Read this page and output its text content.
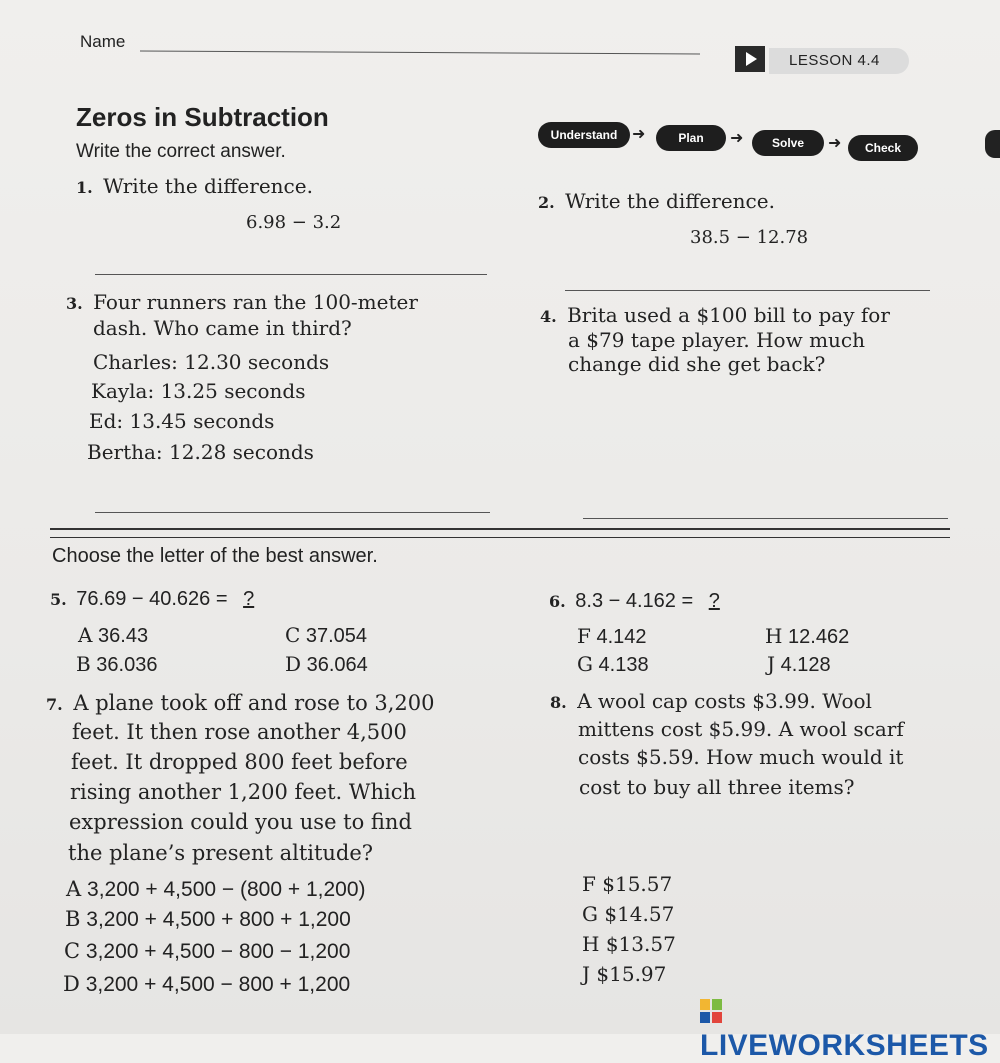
Name
LESSON 4.4
Zeros in Subtraction
Write the correct answer.
Understand ➜	Plan	➜	Solve	➜	Check
1. Write the difference.
6.98 − 3.2
2. Write the difference.
38.5 − 12.78
3. Four runners ran the 100-meter
dash. Who came in third?
Charles: 12.30 seconds
Kayla: 13.25 seconds
Ed: 13.45 seconds
Bertha: 12.28 seconds
4. Brita used a $100 bill to pay for
a $79 tape player. How much
change did she get back?
Choose the letter of the best answer.
5. 76.69 − 40.626 = ?
A 36.43	C 37.054
B 36.036	D 36.064
6. 8.3 − 4.162 = ?
F 4.142	H 12.462
G 4.138	J 4.128
7. A plane took off and rose to 3,200
feet. It then rose another 4,500
feet. It dropped 800 feet before
rising another 1,200 feet. Which
expression could you use to find
the plane’s present altitude?
A 3,200 + 4,500 − (800 + 1,200)
B 3,200 + 4,500 + 800 + 1,200
C 3,200 + 4,500 − 800 − 1,200
D 3,200 + 4,500 − 800 + 1,200
8. A wool cap costs $3.99. Wool
mittens cost $5.99. A wool scarf
costs $5.59. How much would it
cost to buy all three items?
F $15.57
G $14.57
H $13.57
J $15.97
LIVEWORKSHEETS
